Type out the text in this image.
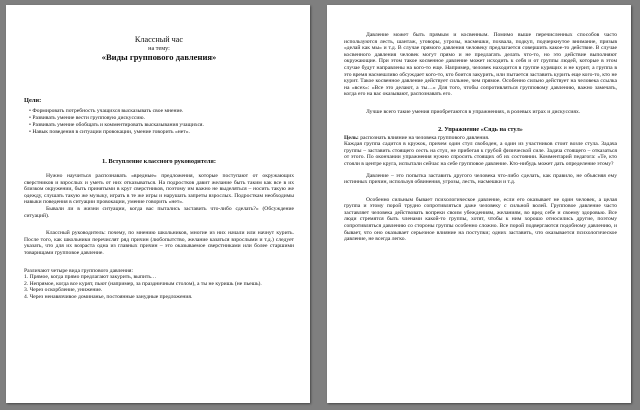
Классный час

на тему:

«Виды группового давления»

Цели:

• Формировать потребность учащихся высказывать свое мнение.
• Развивать умение вести групповую дискуссию.
• Развивать умение обобщать и комментировать высказывания учащихся.
• Навык поведения в ситуации провокации, умение говорить «нет».

1. Вступление классного руководителя:

Нужно научиться распознавать «вредные» предложения, которые поступают от окружающих сверстников и взрослых и уметь от них отказываться. На подростков давит желание быть таким как все в их близком окружении, быть принятыми в круг сверстников, поэтому им важно не выделяться – носить такую же одежду, слушать такую же музыку, играть в те же игры и нарушать запреты взрослых. Подросткам необходимы навыки поведения в ситуации провокации, умение говорить «нет».

Бывали ли в жизни ситуации, когда вас пытались заставить что-либо сделать?» (Обсуждение ситуаций).

Классный руководитель: почему, по мнению школьников, многие из них начали или начнут курить. После того, как школьники перечислят ряд причин (любопытство, желание казаться взрослыми и т.д.) следует указать, что для их возраста одна из главных причин – это оказываемое сверстниками или более старшими товарищами групповое давление.

Различают четыре вида группового давления:

1. Прямое, когда прямо предлагают закурить, выпить…
2. Непрямое, когда все курят, пьют (например, за праздничным столом), а ты не куришь (не пьешь).
3. Через оскорбление, унижение.
4. Через ненавязчивое доминанье, постоянные занудные предложения.

Давление может быть прямым и косвенным. Помимо выше перечисленных способов часто используются лесть, шантаж, уговоры, угрозы, насмешки, похвала, подкуп, подчеркнутое внимание, призыв «делай как мы» и т.д. В случае прямого давления человеку предлагается совершить какое-то действие. В случае косвенного давления человек могут прямо и не предлагать делать что-то, но это действие выполняют окружающие. При этом такое косвенное давление может исходить к себя и от группы людей, которые в этом случае будут направлены на кого-то еще. Например, человек находится в группе курящих и не курит, а группа в это время насмешливо обсуждает кого-то, кто боится закурить, или пытается заставить курить еще кого-то, кто не курит. Такое косвенное давление действует сильнее, чем прямое. Особенно сильно действует на человека ссылка на «всех»: «Все это делают, а ты…» Для того, чтобы сопротивляться групповому давлению, важно замечать, когда его на вас оказывают, распознавать его.

Лучше всего такие умения приобретаются в упражнениях, в ролевых играх и дискуссиях.

2. Упражнение «Сядь на стул»

Цель: распознать влияние на человека группового давления.

Каждая группа садится в кружок, причем один стул свободен, а один из участников стоит возле стула. Задача группы – заставить стоящего сесть на стул, не прибегая к грубой физической силе. Задача стоящего – отказаться от этого. По окончании упражнения нужно спросить стоящих об их состоянии. Комментарий педагога: «Те, кто стояли в центре круга, испытали сейчас на себе групповое давление. Кто-нибудь может дать определение этому?

Давление – это попытка заставить другого человека что-либо сделать, как правило, не объясняя ему истинных причин, используя обвинения, угрозы, лесть, насмешки и т.д.

Особенно сильным бывает психологическое давление, если его оказывает не один человек, а целая группа и этому порой трудно сопротивляться даже человеку с сильной волей. Групповое давление часто заставляет человека действовать вопреки своим убеждениям, желаниям, во вред себе и своему здоровью. Все люди стремятся быть членами какой-то группы, хотят, чтобы к ним хорошо относились другие, поэтому сопротивляться давлению со стороны группы особенно сложно. Все порой подвергаются подобному давлению, и бывает, что оно оказывает серьезное влияние на поступки; одних заставить, что оказывается психологическое давление, не всегда легко.
